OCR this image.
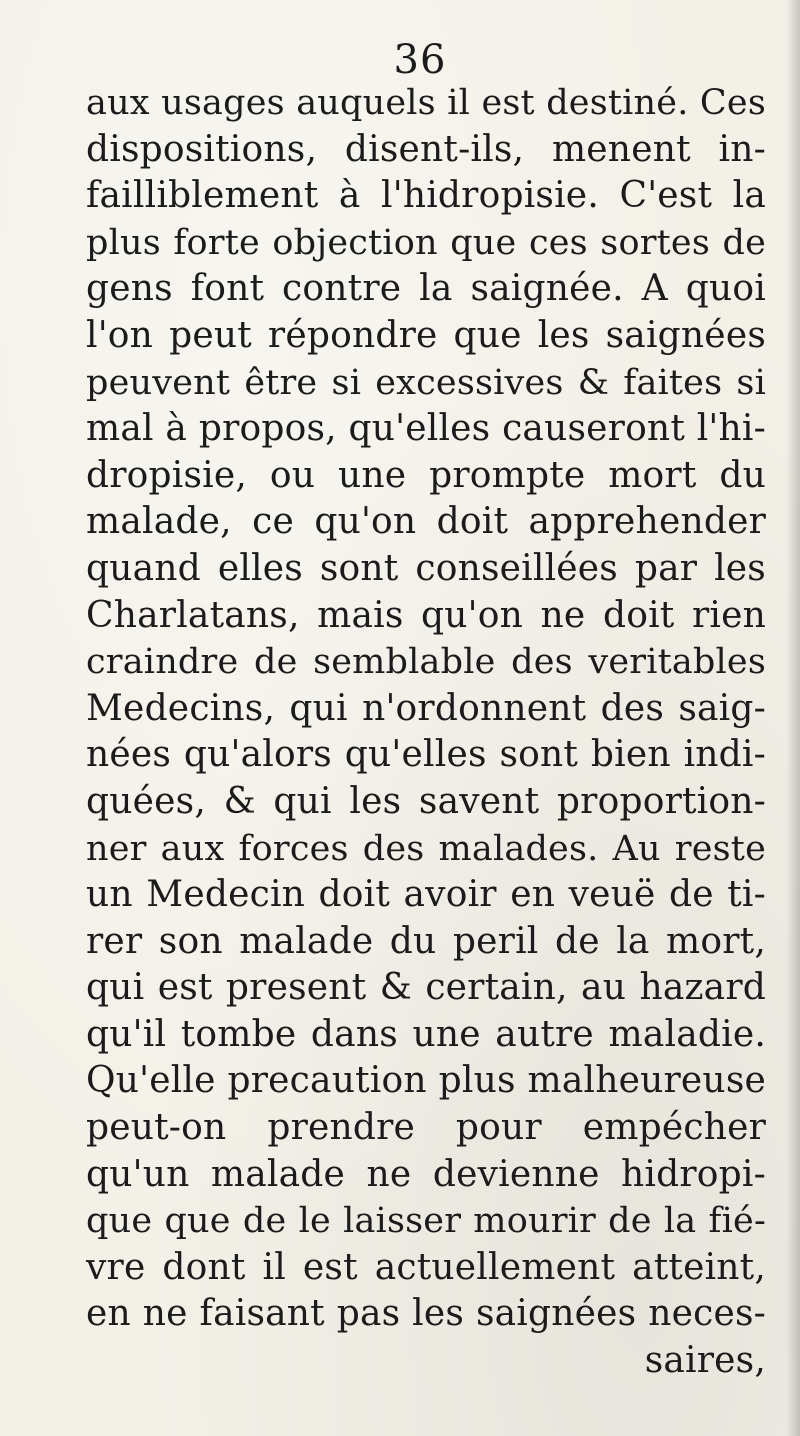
36
aux usages auquels il est destiné. Ces
dispositions, disent-ils, menent in-
failliblement à l'hidropisie. C'est la
plus forte objection que ces sortes de
gens font contre la saignée. A quoi
l'on peut répondre que les saignées
peuvent être si excessives & faites si
mal à propos, qu'elles causeront l'hi-
dropisie, ou une prompte mort du
malade, ce qu'on doit apprehender
quand elles sont conseillées par les
Charlatans, mais qu'on ne doit rien
craindre de semblable des veritables
Medecins, qui n'ordonnent des saig-
nées qu'alors qu'elles sont bien indi-
quées, & qui les savent proportion-
ner aux forces des malades. Au reste
un Medecin doit avoir en veuë de ti-
rer son malade du peril de la mort,
qui est present & certain, au hazard
qu'il tombe dans une autre maladie.
Qu'elle precaution plus malheureuse
peut-on prendre pour empécher
qu'un malade ne devienne hidropi-
que que de le laisser mourir de la fié-
vre dont il est actuellement atteint,
en ne faisant pas les saignées neces-
saires,
